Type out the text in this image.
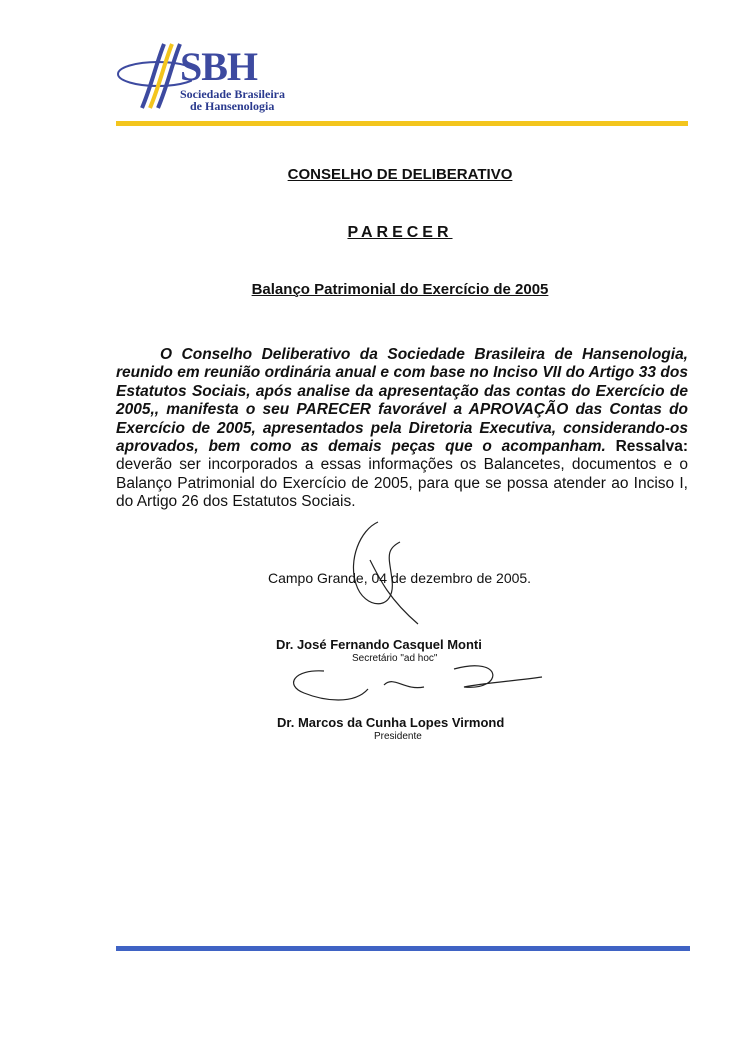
SBH
Sociedade Brasileira
de Hansenologia
CONSELHO DE DELIBERATIVO
PARECER
Balanço Patrimonial do Exercício de 2005
O Conselho Deliberativo da Sociedade Brasileira de Hansenologia, reunido em reunião ordinária anual e com base no Inciso VII do Artigo 33 dos Estatutos Sociais, após analise da apresentação das contas do Exercício de 2005,, manifesta o seu PARECER favorável a APROVAÇÃO das Contas do Exercício de 2005, apresentados pela Diretoria Executiva, considerando-os aprovados, bem como as demais peças que o acompanham. Ressalva: deverão ser incorporados a essas informações os Balancetes, documentos e o Balanço Patrimonial do Exercício de 2005, para que se possa atender ao Inciso I, do Artigo 26 dos Estatutos Sociais.
Campo Grande, 04 de dezembro de 2005.
Dr. José Fernando Casquel Monti
Secretário "ad hoc"
Dr. Marcos da Cunha Lopes Virmond
Presidente
